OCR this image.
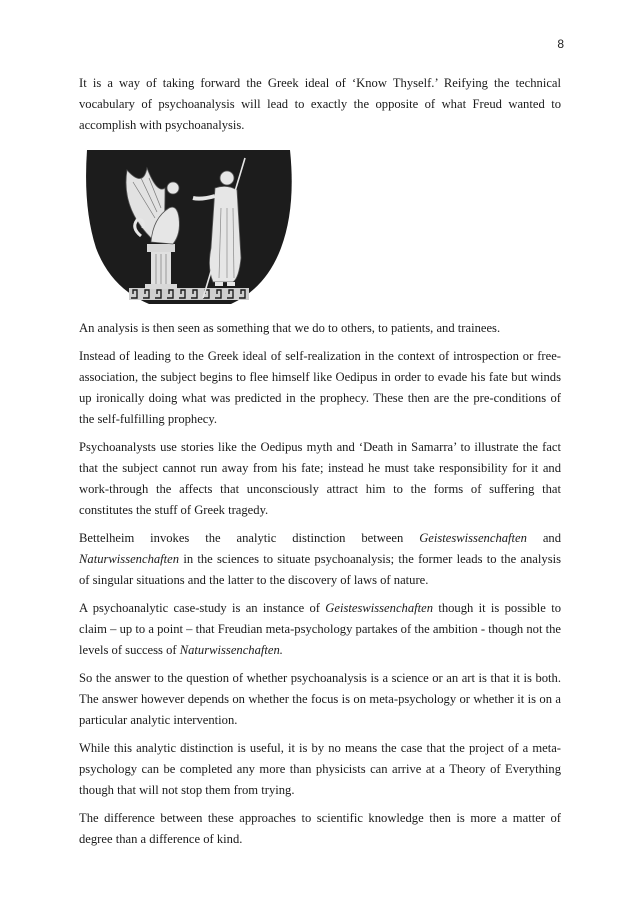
8

It is a way of taking forward the Greek ideal of ‘Know Thyself.’ Reifying the technical vocabulary of psychoanalysis will lead to exactly the opposite of what Freud wanted to accomplish with psychoanalysis.

An analysis is then seen as something that we do to others, to patients, and trainees.

Instead of leading to the Greek ideal of self-realization in the context of introspection or free-association, the subject begins to flee himself like Oedipus in order to evade his fate but winds up ironically doing what was predicted in the prophecy. These then are the pre-conditions of the self-fulfilling prophecy.

Psychoanalysts use stories like the Oedipus myth and ‘Death in Samarra’ to illustrate the fact that the subject cannot run away from his fate; instead he must take responsibility for it and work-through the affects that unconsciously attract him to the forms of suffering that constitutes the stuff of Greek tragedy.

Bettelheim invokes the analytic distinction between Geisteswissenchaften and Naturwissenchaften in the sciences to situate psychoanalysis; the former leads to the analysis of singular situations and the latter to the discovery of laws of nature.

A psychoanalytic case-study is an instance of Geisteswissenchaften though it is possible to claim – up to a point – that Freudian meta-psychology partakes of the ambition - though not the levels of success of Naturwissenchaften.

So the answer to the question of whether psychoanalysis is a science or an art is that it is both. The answer however depends on whether the focus is on meta-psychology or whether it is on a particular analytic intervention.

While this analytic distinction is useful, it is by no means the case that the project of a meta-psychology can be completed any more than physicists can arrive at a Theory of Everything though that will not stop them from trying.

The difference between these approaches to scientific knowledge then is more a matter of degree than a difference of kind.
